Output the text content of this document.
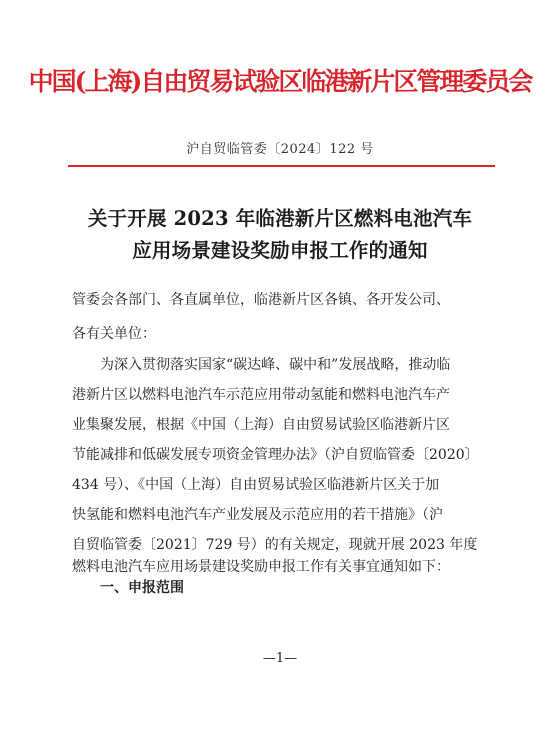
中国(上海)自由贸易试验区临港新片区管理委员会
沪自贸临管委〔2024〕122 号
关于开展 2023 年临港新片区燃料电池汽车
应用场景建设奖励申报工作的通知
管委会各部门、各直属单位，临港新片区各镇、各开发公司、
各有关单位：
为深入贯彻落实国家“碳达峰、碳中和”发展战略，推动临
港新片区以燃料电池汽车示范应用带动氢能和燃料电池汽车产
业集聚发展，根据《中国（上海）自由贸易试验区临港新片区
节能减排和低碳发展专项资金管理办法》（沪自贸临管委〔2020〕
434 号）、《中国（上海）自由贸易试验区临港新片区关于加
快氢能和燃料电池汽车产业发展及示范应用的若干措施》（沪
自贸临管委〔2021〕729 号）的有关规定，现就开展 2023 年度
燃料电池汽车应用场景建设奖励申报工作有关事宜通知如下：
一、申报范围
—1—
